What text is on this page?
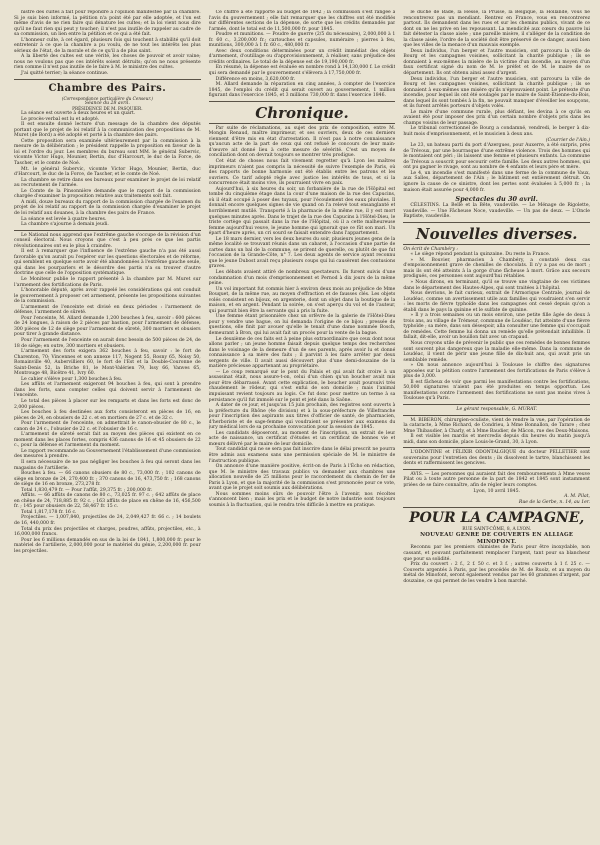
nistre des cultes a fait pour répondre à l'opinion manifestée par la chambre. Si je suis bien informé, la pétition n'a point été par elle adoptée, et l'on est même d'avis de ne rien faire qui dénature les cultes; et la loi vient nous dire qu'il ne faut rien qui peut y toucher; il n'est pas inutile de rappeler au cadre de sa commission, un lien entre la pétition et ce qui a été fait.

L'honneur culte, à cet égard, plusieurs fois qui touchent à stabilité qu'il doit entretenir à ce que la chambre a pu voulu, de ne tout les intérêts les plus sérieux de l'état, de la morale et de ce qu'il a de plus saint.

A la liberté des cultes est une vérité, les choses de pouvoir et avoir vaine; nous ne voulons pas que ces intérêts soient détruits; qu'on ne nous présente rien comme il n'est pas inutile de le faire à M. le ministre des cultes.

J'ai quitté terrier; la séance continue.

Chambre des Pairs.

(Correspondance particulière du Censeur.)

Séance du 28 avril.

PRÉSIDENCE DE M. PASQUIER.

La séance est ouverte à deux heures et un quart.

Le procès-verbal est lu et adopté.

Il est ensuite donné lecture d'un message de la chambre des députés portant que le projet de loi relatif à la communication des propositions de M. Muret (de Bord) a été adopté et porté à la chambre des pairs.

Cette proposition sera examinée ultérieurement par la commission à la mesure de la délibération ; le président rappelle la proposition en faveur de la loi et l'ordre du jour. Les membres du bureau sont MM. le général Subervic, vicomte Victor Hugo, Mounier, Bertin, duc d'Harcourt, le duc de la Force, de Tascher, et le comte de Noé.

Mt. le général Subervic, vicomte Victor Hugo, Mounier, Bertin, duc d'Harcourt, le duc de la Force, de Tascher, et le comte de Noé.

La chambre se retire dans ses bureaux pour examiner le projet de loi relatif au recrutement de l'armée.

Le Comte de la Pinsonnière demande que le rapport de la commission chargée d'examiner la proposition relative aux traitements soit fait.

A midi, douze bureaux du rapport de la commission chargée de l'examen du projet de loi relatif au rapport de la commission chargée d'examiner le projet de loi relatif aux douanes, à la chambre des pairs de France.

La séance est levée à quatre heures.

La chambre s'ajourne à demain jeudi.

Le National nous apprend que l'extrême gauche s'occupe de la révision d'un conseil électoral. Nous croyons que c'est à peu près ce que les partis révolutionnaires ont eu le plus à craindre.

Il est à remarquer que l'influence de l'extrême gauche n'a pas été aussi favorable qu'on aurait pu l'espérer sur les questions électorales et de réforme, qui semblent en quelque sorte avoir été abandonnées à l'extrême gauche seule, qui dans les pourparlers et le désordre des partis n'a su trouver d'autre doctrine que celle de l'opposition systématique.

Le Moniteur publie le rapport présenté à la chambre par M. Muret sur l'armement des fortifications de Paris.

L'honorable député, après avoir rappelé les considérations qui ont conduit le gouvernement à proposer cet armement, présente les propositions suivantes de la commission.

L'armement de l'enceinte est divisé en deux périodes : l'armement de défense, l'armement de sûreté.

Pour l'enceinte, M. Allard demande 1,200 bouches à feu, savoir : 600 pièces de 24 longues, à raison de 2 pièces par bastion, pour l'armement de défense, 300 pièces de 12 de siège pour l'armement de sûreté, 300 mortiers et obusiers pour tirer à grande distance.

Pour l'armement de l'enceinte on aurait donc besoin de 500 pièces de 24, de 18 de siège; en outre, 300 mortiers et obusiers.

L'armement des forts exigera 362 bouches à feu, savoir : le fort de Charenton, 70; Vincennes et son annexe 117, Nogent 55, Rosny 65, Noisy 50, Romainville 40, Aubervilliers 60, le fort de l'Est et la Double-Couronne de Saint-Denis 52, la Briche 81, le Mont-Valérien 79, Issy 66, Vanves 65, Montrouge 48, Bicêtre 41, Ivry 60.

Le cahier s'élève pour 1,300 bouches à feu.

Les affûts et l'armement exigeront 94 bouches à feu, qui sont à prendre dans les forts, sans compter celles qui doivent servir à l'armement de l'enceinte.

Le total des pièces à placer sur les remparts et dans les forts est donc de 2,000 pièces.

Les bouches à feu destinées aux forts consisteront en pièces de 16, en pièces de 24, en obusiers de 22 c. et en mortiers de 27 c. et de 32 c.

Pour l'armement de l'enceinte, on admettrait le canon-obusier de 80 c., le canon de 24 c., l'obusier de 22 c. et l'obusier de 16 c.

L'armement de sûreté serait fait au moyen des pièces qui existent en ce moment dans les places fortes, compris 436 canons de 16 et 45 obusiers de 22 c., pour la défense et l'armement du moment.

Le rapport recommande au Gouvernement l'établissement d'une commission des mesures à prendre.

Il sera nécessaire de ne pas négliger les bouches à feu qui seront dans les magasins de l'artillerie.

Bouches à feu. — 66 canons obusiers de 80 c., 73,000 fr. ; 102 canons de siège en bronze de 24, 270,400 fr. ; 370 canons de 16, 473,750 fr. ; 168 canons de siège de 16 en bronze, 273,278 fr.

Total 1,830,479 fr. — Pour l'affût, 29,375 fr. ; 200,000 fr.

Affûts. — 66 affûts de canons de 80 c., 73,025 fr. 97 c. ; 642 affûts de place en chêne de 24, 718,885 fr. 92 c. ; 163 affûts de place en chêne de 16, 456,500 fr. ; 145 pour obusiers de 22, 58,467 fr. 15 c.

Total 1,817,178 fr. 16 c.

Projectiles. — 1,007,840, projectiles de 24, 2,049,427 fr. 66 c. ; 14 boulets de 16, 440,000 fr.

Total du prix des projectiles et charges, poudres, affûts, projectiles, etc., à 16,000,000 francs.

Pour les 6 millions demandés en sus de la loi de 1841, 1,800,000 fr. pour le matériel de l'artillerie, 2,000,000 pour le matériel du génie, 2,200,000 fr. pour les projectiles.

Ce chiffre a été rapporté au budget de 1842 ; la commission s'est rangée à l'avis du gouvernement ; elle fait remarquer que les chiffres ont été modifiés sur différentes sections de la dépense, de sorte que les crédits demandés par l'armée, dont le total est de 11,500,000 fr. pour 1845.

Poudre et munitions. — Poudre de guerre (2/5 du nécessaire), 2,000,000 à 1 fr. 60 c., 3,200,000 fr.; cartouches et capsules, numéraire ; pierres à feu, munitions, 300,000 à 1 fr. 60 c., 480,000 fr.

Avec deux conditions déterminées pour un crédit immédiat des objets d'armement, d'outillage ou d'approvisionnement, à réaliser, sans préjudice des crédits ordinaires. Le total de la dépense est de 19,190,000 fr.

En résumé, la dépense est évaluée en nombre rond à 14,130,000 f. Le crédit qui sera demandé par le gouvernement s'élèvera à 17,750,000 fr.

Différence en moins, 3,620,000 fr.

M. Allard demande la réparation en cinq années, à compter de l'exercice 1845, de l'emploi du crédit qui serait ouvert au gouvernement, 1 million figurant dans l'exercice 1845, et 3 millions 730,000 fr. dans l'exercice 1846.

Chronique.

Par suite de réclamations, au sujet des prix de composition, entre M. Mongin Renaud, maître imprimeur, et ses ouvriers, deux de ces derniers viennent d'être mis en état d'arrestation. Il n'est pas à notre connaissance qu'aucun acte de la part de ceux qui ont refusé le concours de leur main-d'œuvre ait donné lieu à cette mesure de sévérité. C'est un moyen de conciliation dont on devrait toujours se montrer très prodigue.

Cet état de choses nous fait vivement regretter qu'à Lyon les maîtres imprimeurs n'aient pas compris la nécessité de suivre l'exemple de Paris, où des rapports de bonne harmonie ont été établis entre les patrons et les ouvriers. Ce tarif adopté règle avec justice les intérêts de tous, et si la concurrence était moins vive, ils pourraient vivre en paix.

Aujourd'hui, à six heures du soir, un forbanière de la rue de l'Hôpital est tombé du cinquième étage dans la cour d'une maison de la rue des Capucins, où il était occupé à poser des tuyaux, pour l'écoulement des eaux pluviales. Il donnait encore quelques signes de vie quand on l'a relevé tout ensanglanté et horriblement mutilé. Transporté à la pharmacie de la même rue, il y est mort quelques minutes après. Dans le trajet de la rue des Capucins à l'Hôtel-Dieu, le triste cortège qui passait dans la rue de l'Hôpital, où il a cette malheureuse femme aujourd'hui veuve, le jeune homme qui ignorait que ce fût son mari. Un épart d'heure après, un cri sourd se faisait entendre dans l'appartement.

Le 18 mars dernier, vers les deux heures du soir, plusieurs jeunes gens de la même localité se trouvant réunis dans un cabaret, à l'occasion d'une partie de cartes dans un bal de la commune, se prirent de querelle, ou plutôt de que fut l'occasion de la Grande-Côte, n° 7. Les deux agents de service ayant reconnu que le jeune Dubost avait reçu plusieurs coups qui lui causèrent des contusions graves.

Les débats avaient attiré de nombreux spectateurs. Ils furent suivis d'une condamnation d'un mois d'emprisonnement et Pernod à dix jours de la même peine.

Un vol important fut commis hier à environ deux mois au préjudice de Mme Bouquet, de la même rue, au moyen d'effraction et de fausses clés. Les objets volés consistent en bijoux, en argenterie, dont un objet dans la boutique de la maison, et en argent. Pendant la soirée, on s'est aperçu du vol et de l'auteur, qui pourrait bien être la servante qui a pris la fuite.

Une femme étant prisonnière chez un orfèvre de la galerie de l'Hôtel-Dieu pour y vendre une bague, on lui demanda l'origine de ce bijou ; pressée de questions, elle finit par avouer qu'elle le tenait d'une dame nommée Bosch, demeurant à Bron, qui lui avait fait un procès pour la vente de la bague.

Le deuxième de ces faits est à peine plus extraordinaire que ceux dont nous allons parler ; un jeune homme faisait depuis quelque temps des recherches dans le voisinage de la demeure d'un de ses parents, après avoir lu et donné connaissance à sa mère des faits ; il parvint à les faire arrêter par deux sergents de ville. Il avait aussi découvert plus d'une demi-douzaine de la matière précieuse appartenant au propriétaire.

— Le coup remarqué sur le pont du Palais et qui avait fait croire à un assassinat était, nous assure-t-on, celui d'un chien qu'un boucher avait mis pour être débarrassé. Avant cette explication, le boucher avait poursuivi très chaudement le rôdeur, qui s'est enfui de son domicile ; mais l'animal impuissant revient toujours au logis. Ce fut donc pour mettre un terme à sa persistance qu'il fut immolé sur le pont et jeté dans la Saône.

A dater de ce jour, et jusqu'au 15 juin prochain, des registres sont ouverts à la préfecture du Rhône (4e division) et à la sous-préfecture de Villefranche pour l'inscription des aspirants aux titres d'officier de santé, de pharmacien, d'herboriste et de sage-femme qui voudraient se présenter aux examens du jury médical lors de sa prochaine convocation pour la session de 1845.

Les candidats déposeront, au moment de l'inscription, un extrait de leur acte de naissance, un certificat d'études et un certificat de bonnes vie et mœurs délivré par le maire de leur domicile.

Tout candidat qui ne se sera pas fait inscrire dans le délai prescrit ne pourra être admis aux examens sans une permission spéciale de M. le ministre de l'instruction publique.

On annonce d'une manière positive, écrit-on de Paris à l'Écho en rédaction, que M. le ministre des travaux publics va demander aux chambres une allocation nouvelle de 25 millions pour le raccordement du chemin de fer de Paris à Lyon, et que la majorité de la commission s'est prononcée pour ce vote, avant que le projet soit soumis aux délibérations.

Nous sommes moins sûrs de pouvoir l'être à l'avenir, nos récoltes s'annoncent bien ; mais les prix et le budget de notre industrie sont toujours soumis à la fluctuation, qui le rendra très difficile à mettre en pratique.

le duché de Bade, la Hesse, la Prusse, la Belgique, la Hollande, vous ne rencontrerez pas un mendiant. Rentrez en France, vous en rencontrerez partout. Ils demandent dans les rues et sur les chemins publics, vivant de ce dont on ne les prive en les repoussant. La mendicité aux cœurs du pauvre lui fait détester la classe aisée ; une pareille misère, il s'alléger de la condition de la classe aisée, l'ordre de la société doit être préservé de ce danger, aussi bien que les villes de la menace d'un mauvais exemple.

Deux individus, l'un berger et l'autre musicien, ont parcouru la ville de Bourg et les campagnes voisines, sollicitant la charité publique ; ils se donnaient à eux-mêmes la misère de la victime d'un incendie, au moyen d'un faux certificat signé du nom de M. le préfet et de M. le maire de ce département. Ils ont obtenu ainsi assez d'argent.

Deux individus, l'un berger et l'autre musicien, ont parcouru la ville de Bourg et les campagnes voisines, sollicitant la charité publique ; ils se donnaient à eux-mêmes une misère qu'ils n'éprouvaient point. Le prétexte d'un incendie, pour lequel ils ont été soulagés par le maire de Saint-Étienne-du-Bois, dans lequel ils sont tombés à la fin, ne pouvait manquer d'éveiller les soupçons, et ils furent arrêtés porteurs d'objets volés.

Le maire d'une commune rurale, plus défiant, les devina à ce qu'ils en avaient été pour imposer des prix d'un certain nombre d'objets pris dans les champs voisins de leur passage.

Le tribunal correctionnel de Bourg a condamné, vendredi, le berger à dix-huit mois d'emprisonnement, et le musicien à deux ans.

(Courrier de l'Ain.)

Le 23, un bateau parti du port d'Azergues, pour Auxerre, a été surpris, près de Trévoux, par une bourrasque d'une extrême violence. Trois des hommes qui le montaient ont péri ; ils laissent une femme et plusieurs enfants. La commune de Trévoux a souscrit pour secourir cette famille. Les deux autres hommes, qui ont pu gagner le rivage, sont au nombre de 4 enfants et leurs père et mère.

Le 4, un incendie s'est manifesté dans une ferme de la commune de Vaux, aux Salles, département de l'Ain ; le bâtiment est entièrement détruit. On ignore la cause de ce sinistre, dont les pertes sont évaluées à 5,000 fr. ; la maison était assurée pour 4,000 fr.

Spectacles du 30 avril.

CÉLESTINS. La Belle et la Bête, vaudeville. — Le Ménage de Rigolette, vaudeville. — Une Fâcheuse Noce, vaudeville. — Un pas de deux. — L'Oncle Baptiste, vaudeville.

Nouvelles diverses.

On écrit de Chambéry :

« Le siège répond pendant la quinzaine. Du reste la France.

» M. Bouvier, pharmacien à Chambéry, a constaté deux cas d'empoisonnement grave de chenilles de chocolats. Il n'y a pas eu de mort ; mais ils ont été atteints à la gorge d'une fâcheuse à mort. Grâce aux secours prodigués, ces personnes sont aujourd'hui rétablies.

» Nous dirons, en terminant, qu'il se trouve une vingtaine de ces victimes dans le département des Hautes-Alpes, qui sont traitées à l'hôpital.

Nous devrions, le fait curieux, extrait de l'Armorique Centrale, journal de Loudéac, comme un avertissement utile aux familles qui voudraient s'en servir : les morts de fièvre typhoïde dans les campagnes ont cessé depuis qu'on a établi dans le pays la quinine et le sulfate de quinine.

» Il y a trois semaines ou un mois environ, une petite fille âgée de deux à trois ans, au village de Trémeur, commune de Loudéac, fut atteinte d'une fièvre typhoïde ; sa mère, dans son désespoir, alla consulter une femme qui s'occupait de remèdes. Cette femme lui donna un remède qu'elle prétendait infaillible. Il fallait, dit-elle, avoir un bouillon fait avec un crapaud.

Nous croyons utile de prévenir le public que ces remèdes de bonnes femmes sont souvent plus dangereux que la maladie elle-même. Dans la commune de Loudéac, il vient de périr une jeune fille de dix-huit ans, qui avait pris un semblable remède.

» On nous annonce aujourd'hui à Toulouse le chiffre des signatures apposées sur la pétition contre l'armement des fortifications de Paris s'élève à plus de 3,000.

Il est fâcheux de voir que parmi les manifestations contre les fortifications, 50,000 signatures n'aient pas été produites en temps opportun. Les manifestations contre l'armement des fortifications ne sont pas moins vives à Toulouse qu'à Paris.

Le gérant responsable, G. MURAT.

M. BIBERON, chirurgien-oculiste, vient de rendre la vue, par l'opération de la cataracte, à Mme Richard, de Condrieu, à Mme Bonnallon, de Tarare ; chez Mme Thibaudier, à Charly, et à Mme Baudier, de Mâcon, rue des Deux-Maisons.

Il est visible les mardis et mercredis depuis dix heures du matin jusqu'à midi, dans son domicile, place Louis-le-Grand, 30, à Lyon.

L'ODONTINE et l'ÉLIXIR ODONTALGIQUE du docteur PELLETIER sont souverains pour l'entretien des dents ; ils dissolvent le tartre, blanchissent les dents et raffermissent les gencives.

AVIS. — Les personnes qui auraient fait des remboursements à Mme veuve Pilat ou à toute autre personne de la part de 1842 et 1845 sont instamment priées de se faire connaître, afin de régler leurs comptes.

Lyon, 10 avril 1845.

A. M. Pilat,

Rue de la Gerbe, n. 14, au 1er.

POUR LA CAMPAGNE,
RUE SAINT-CÔME, 8, A LYON.
NOUVEAU GENRE DE COUVERTS EN ALLIAGE MINOFONT.

Reconnu par les premiers chimistes de Paris pour être inoxydable, non cassant, et pouvant parfaitement remplacer l'argent, tant pour sa blancheur que pour sa solidité.

Prix du couvert : 2 f., 2 f. 50 c. et 3 f. ; autres couverts à 1 f. 25 c. — Couverts argentés à Paris, par les procédés de M. de Ruolz, et au moyen du métal de Minofont, seront également vendus par les 60 grammes d'argent, par douzaine, ce qui permet de les vendre à bon marché.
